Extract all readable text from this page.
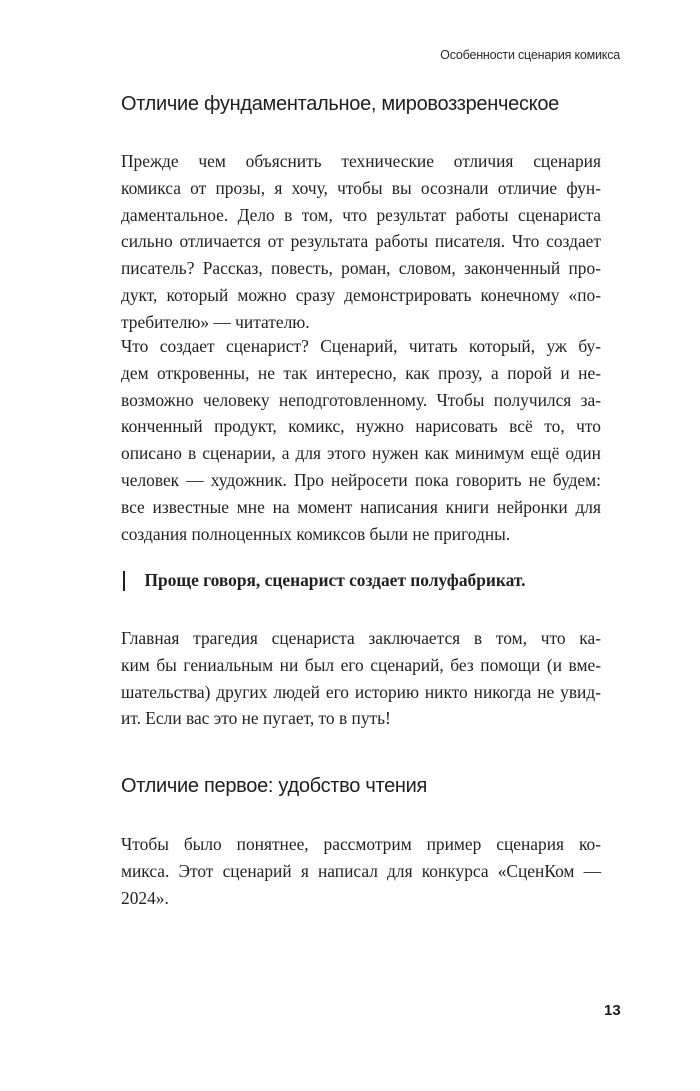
Особенности сценария комикса
Отличие фундаментальное, мировоззренческое

Прежде чем объяснить технические отличия сценария
комикса от прозы, я хочу, чтобы вы осознали отличие фун-
даментальное. Дело в том, что результат работы сценариста
сильно отличается от результата работы писателя. Что создает
писатель? Рассказ, повесть, роман, словом, законченный про-
дукт, который можно сразу демонстрировать конечному «по-
требителю» — читателю.

Что создает сценарист? Сценарий, читать который, уж бу-
дем откровенны, не так интересно, как прозу, а порой и не-
возможно человеку неподготовленному. Чтобы получился за-
конченный продукт, комикс, нужно нарисовать всё то, что
описано в сценарии, а для этого нужен как минимум ещё один
человек — художник. Про нейросети пока говорить не будем:
все известные мне на момент написания книги нейронки для
создания полноценных комиксов были не пригодны.

Проще говоря, сценарист создает полуфабрикат.

Главная трагедия сценариста заключается в том, что ка-
ким бы гениальным ни был его сценарий, без помощи (и вме-
шательства) других людей его историю никто никогда не увид-
ит. Если вас это не пугает, то в путь!

Отличие первое: удобство чтения

Чтобы было понятнее, рассмотрим пример сценария ко-
микса. Этот сценарий я написал для конкурса «СценКом —
2024».

13
